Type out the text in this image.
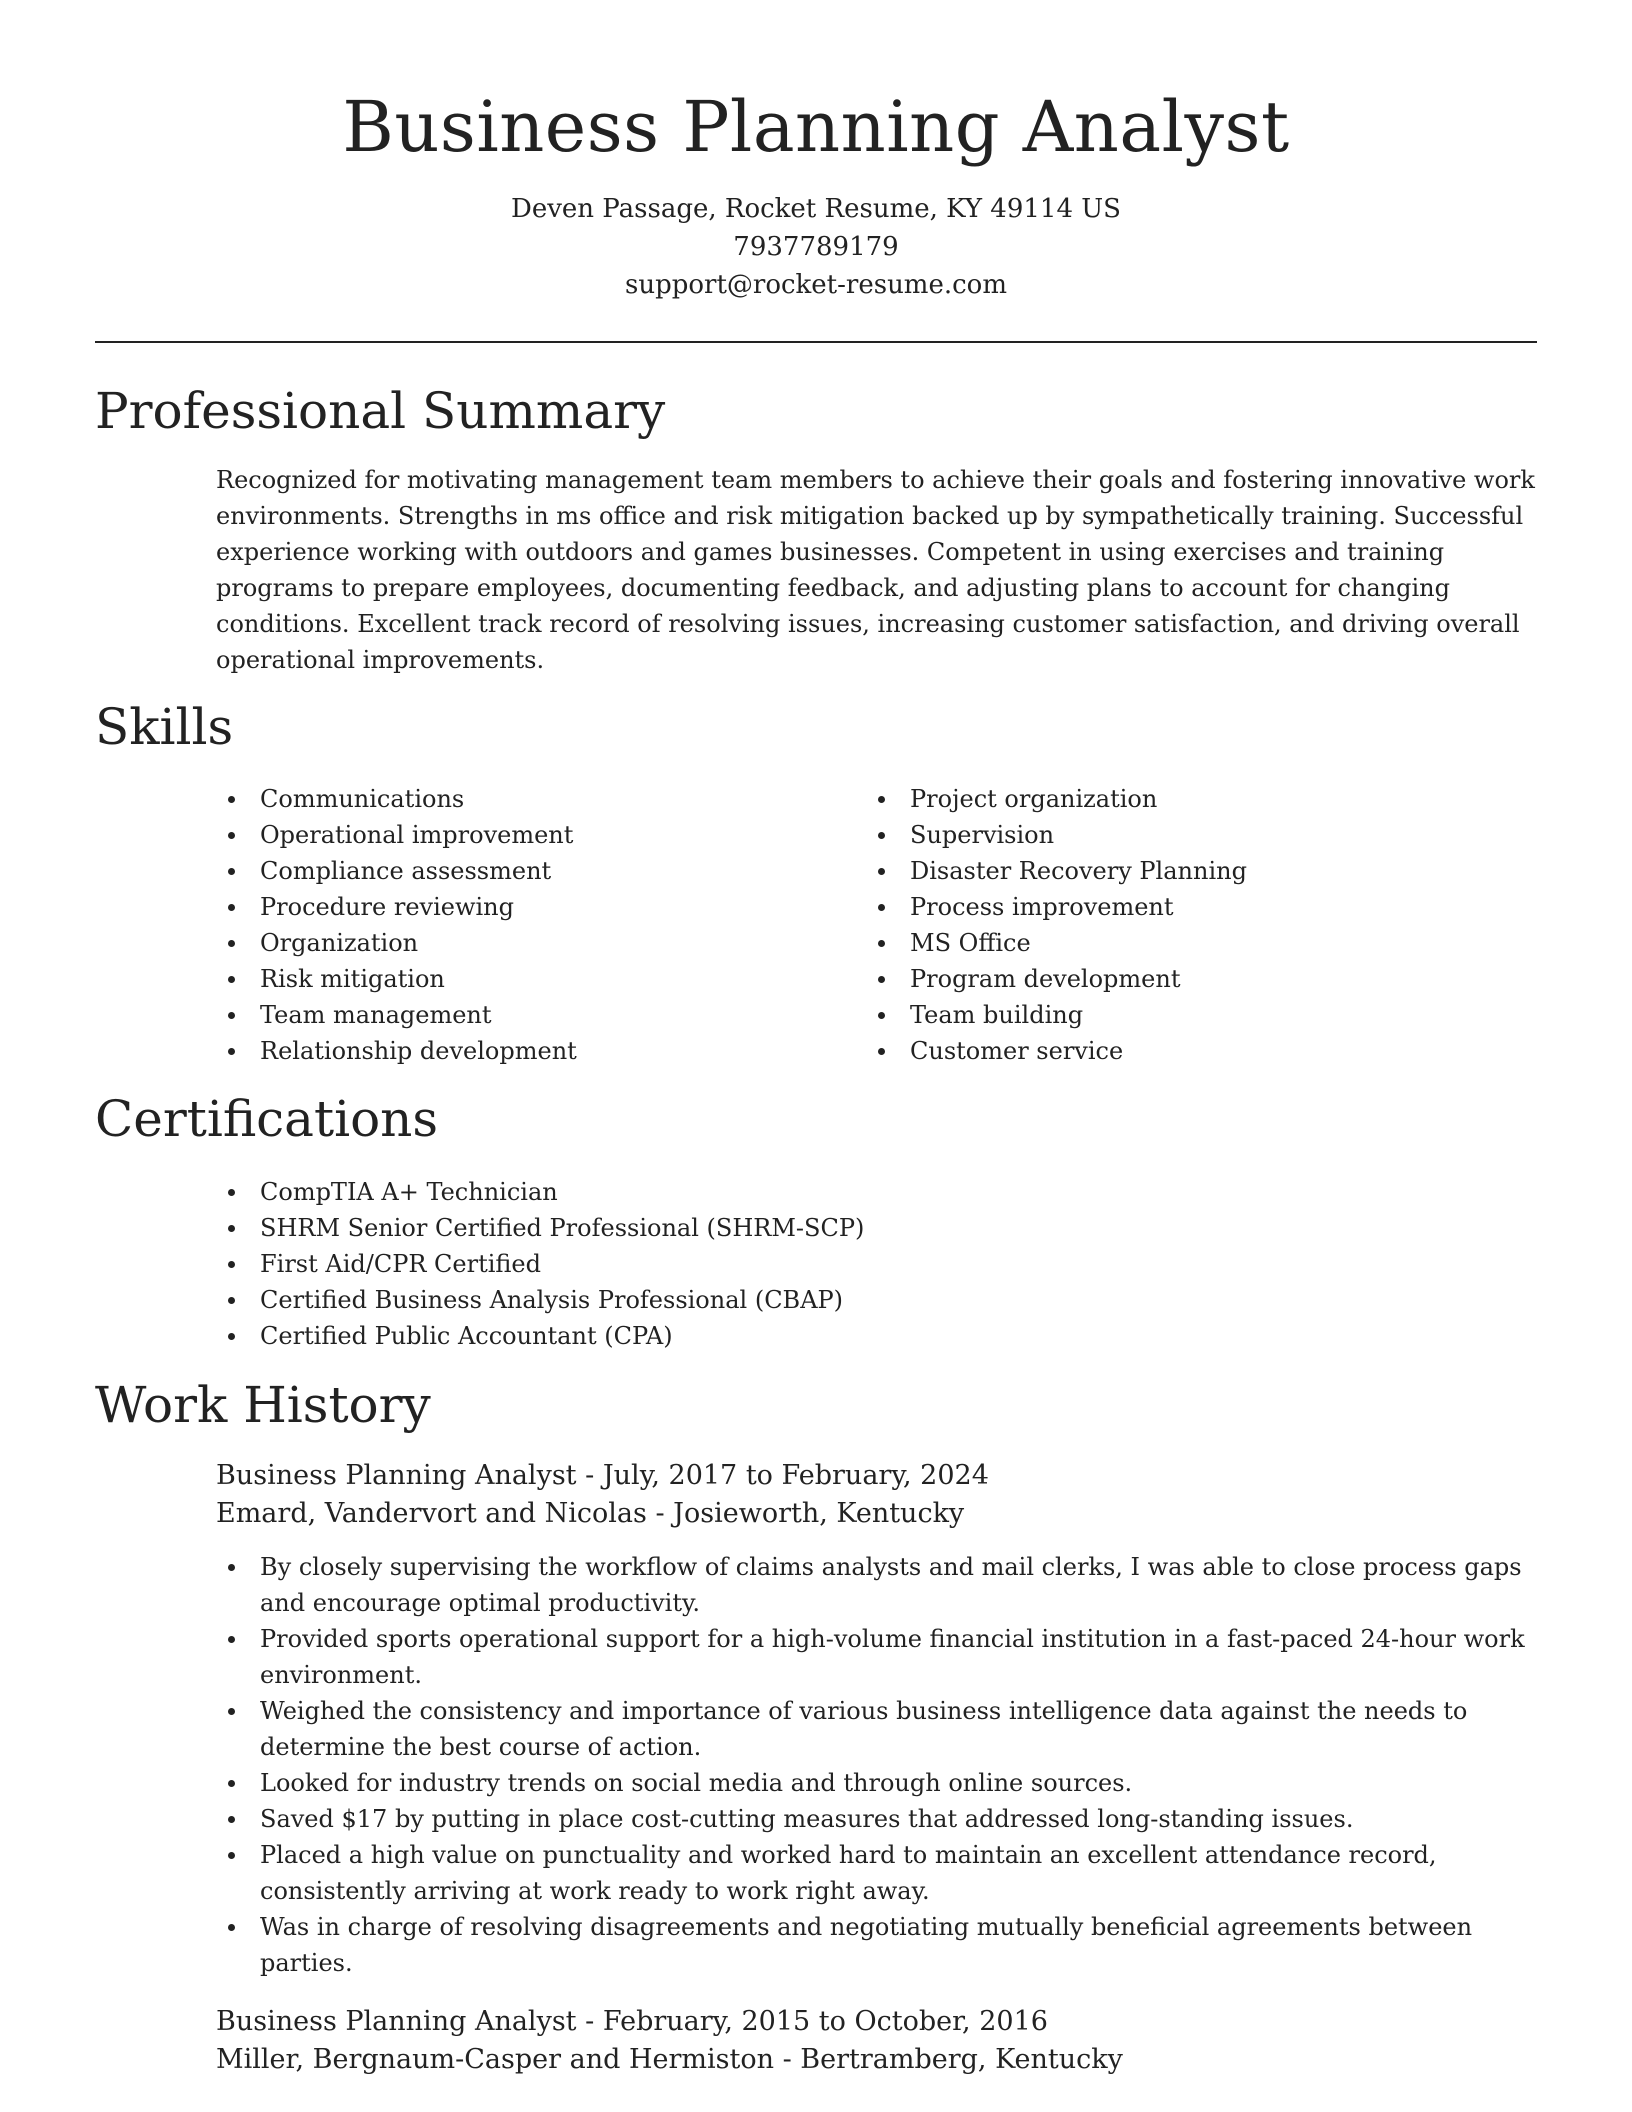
Business Planning Analyst
Deven Passage, Rocket Resume, KY 49114 US
7937789179
support@rocket-resume.com
Professional Summary
Recognized for motivating management team members to achieve their goals and fostering innovative work environments. Strengths in ms office and risk mitigation backed up by sympathetically training. Successful experience working with outdoors and games businesses. Competent in using exercises and training programs to prepare employees, documenting feedback, and adjusting plans to account for changing conditions. Excellent track record of resolving issues, increasing customer satisfaction, and driving overall operational improvements.
Skills
Communications
Operational improvement
Compliance assessment
Procedure reviewing
Organization
Risk mitigation
Team management
Relationship development
Project organization
Supervision
Disaster Recovery Planning
Process improvement
MS Office
Program development
Team building
Customer service
Certifications
CompTIA A+ Technician
SHRM Senior Certified Professional (SHRM-SCP)
First Aid/CPR Certified
Certified Business Analysis Professional (CBAP)
Certified Public Accountant (CPA)
Work History
Business Planning Analyst - July, 2017 to February, 2024
Emard, Vandervort and Nicolas - Josieworth, Kentucky
By closely supervising the workflow of claims analysts and mail clerks, I was able to close process gaps and encourage optimal productivity.
Provided sports operational support for a high-volume financial institution in a fast-paced 24-hour work environment.
Weighed the consistency and importance of various business intelligence data against the needs to determine the best course of action.
Looked for industry trends on social media and through online sources.
Saved $17 by putting in place cost-cutting measures that addressed long-standing issues.
Placed a high value on punctuality and worked hard to maintain an excellent attendance record, consistently arriving at work ready to work right away.
Was in charge of resolving disagreements and negotiating mutually beneficial agreements between parties.
Business Planning Analyst - February, 2015 to October, 2016
Miller, Bergnaum-Casper and Hermiston - Bertramberg, Kentucky
